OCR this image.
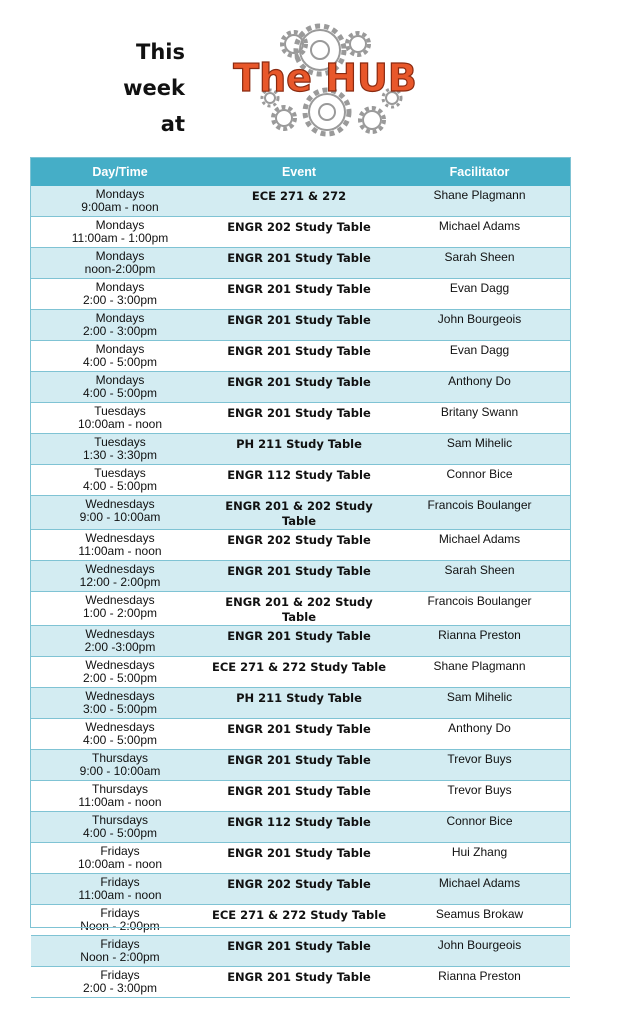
This
week
at
The HUB
Day/Time	Event	Facilitator

Mondays
9:00am - noon	ECE 271 & 272	Shane Plagmann

Mondays
11:00am - 1:00pm	ENGR 202 Study Table	Michael Adams

Mondays
noon-2:00pm	ENGR 201 Study Table	Sarah Sheen

Mondays
2:00 - 3:00pm	ENGR 201 Study Table	Evan Dagg

Mondays
2:00 - 3:00pm	ENGR 201 Study Table	John Bourgeois

Mondays
4:00 - 5:00pm	ENGR 201 Study Table	Evan Dagg

Mondays
4:00 - 5:00pm	ENGR 201 Study Table	Anthony Do

Tuesdays
10:00am - noon	ENGR 201 Study Table	Britany Swann

Tuesdays
1:30 - 3:30pm	PH 211 Study Table	Sam Mihelic

Tuesdays
4:00 - 5:00pm	ENGR 112 Study Table	Connor Bice

Wednesdays
9:00 - 10:00am	ENGR 201 & 202 Study Table	Francois Boulanger

Wednesdays
11:00am - noon	ENGR 202 Study Table	Michael Adams

Wednesdays
12:00 - 2:00pm	ENGR 201 Study Table	Sarah Sheen

Wednesdays
1:00 - 2:00pm	ENGR 201 & 202 Study Table	Francois Boulanger

Wednesdays
2:00 -3:00pm	ENGR 201 Study Table	Rianna Preston

Wednesdays
2:00 - 5:00pm	ECE 271 & 272 Study Table	Shane Plagmann

Wednesdays
3:00 - 5:00pm	PH 211 Study Table	Sam Mihelic

Wednesdays
4:00 - 5:00pm	ENGR 201 Study Table	Anthony Do

Thursdays
9:00 - 10:00am	ENGR 201 Study Table	Trevor Buys

Thursdays
11:00am - noon	ENGR 201 Study Table	Trevor Buys

Thursdays
4:00 - 5:00pm	ENGR 112 Study Table	Connor Bice

Fridays
10:00am - noon	ENGR 201 Study Table	Hui Zhang

Fridays
11:00am - noon	ENGR 202 Study Table	Michael Adams

Fridays
Noon - 2:00pm	ECE 271 & 272 Study Table	Seamus Brokaw

Fridays
Noon - 2:00pm	ENGR 201 Study Table	John Bourgeois

Fridays
2:00 - 3:00pm	ENGR 201 Study Table	Rianna Preston
